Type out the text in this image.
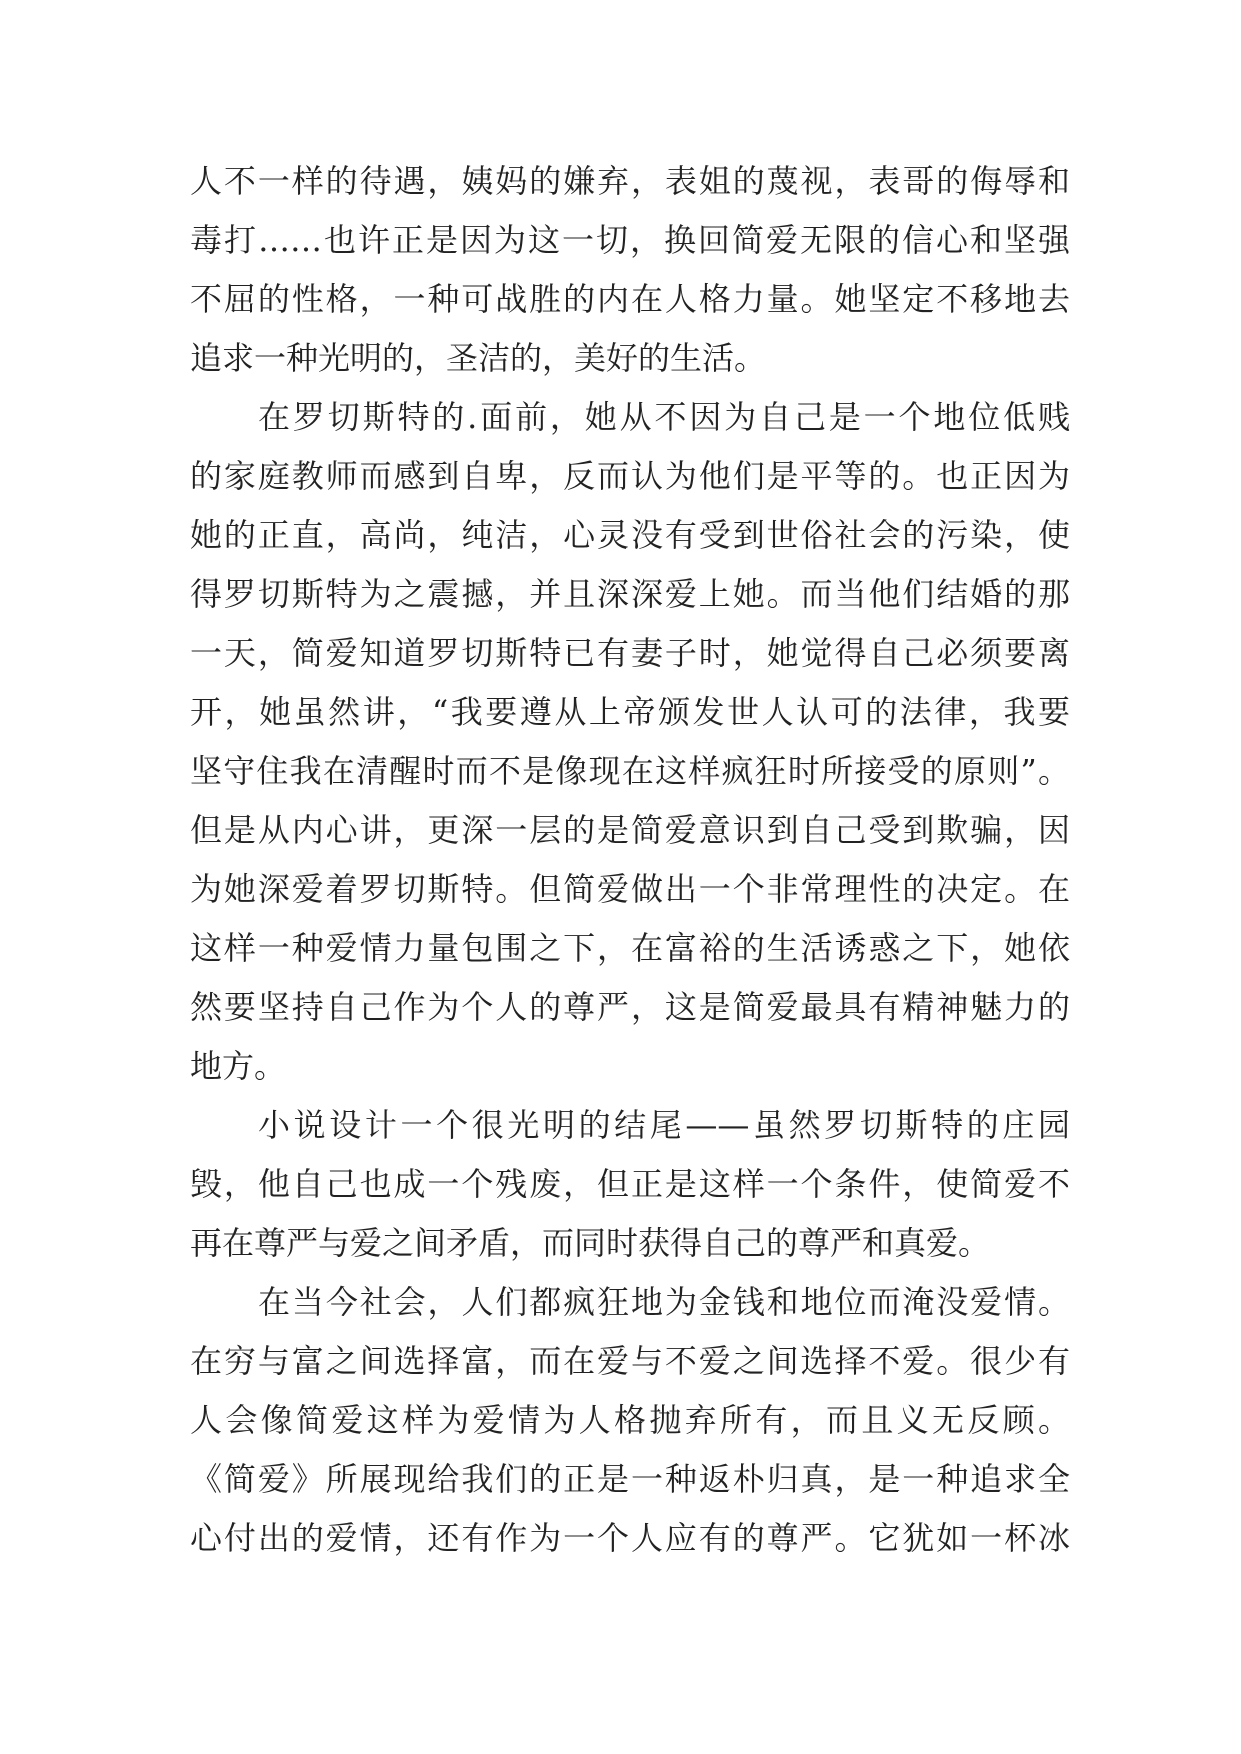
人不一样的待遇，姨妈的嫌弃，表姐的蔑视，表哥的侮辱和
毒打……也许正是因为这一切，换回简爱无限的信心和坚强
不屈的性格，一种可战胜的内在人格力量。她坚定不移地去
追求一种光明的，圣洁的，美好的生活。
在罗切斯特的.面前，她从不因为自己是一个地位低贱
的家庭教师而感到自卑，反而认为他们是平等的。也正因为
她的正直，高尚，纯洁，心灵没有受到世俗社会的污染，使
得罗切斯特为之震撼，并且深深爱上她。而当他们结婚的那
一天，简爱知道罗切斯特已有妻子时，她觉得自己必须要离
开，她虽然讲，“我要遵从上帝颁发世人认可的法律，我要
坚守住我在清醒时而不是像现在这样疯狂时所接受的原则”。
但是从内心讲，更深一层的是简爱意识到自己受到欺骗，因
为她深爱着罗切斯特。但简爱做出一个非常理性的决定。在
这样一种爱情力量包围之下，在富裕的生活诱惑之下，她依
然要坚持自己作为个人的尊严，这是简爱最具有精神魅力的
地方。
小说设计一个很光明的结尾——虽然罗切斯特的庄园
毁，他自己也成一个残废，但正是这样一个条件，使简爱不
再在尊严与爱之间矛盾，而同时获得自己的尊严和真爱。
在当今社会，人们都疯狂地为金钱和地位而淹没爱情。
在穷与富之间选择富，而在爱与不爱之间选择不爱。很少有
人会像简爱这样为爱情为人格抛弃所有，而且义无反顾。
《简爱》所展现给我们的正是一种返朴归真，是一种追求全
心付出的爱情，还有作为一个人应有的尊严。它犹如一杯冰
